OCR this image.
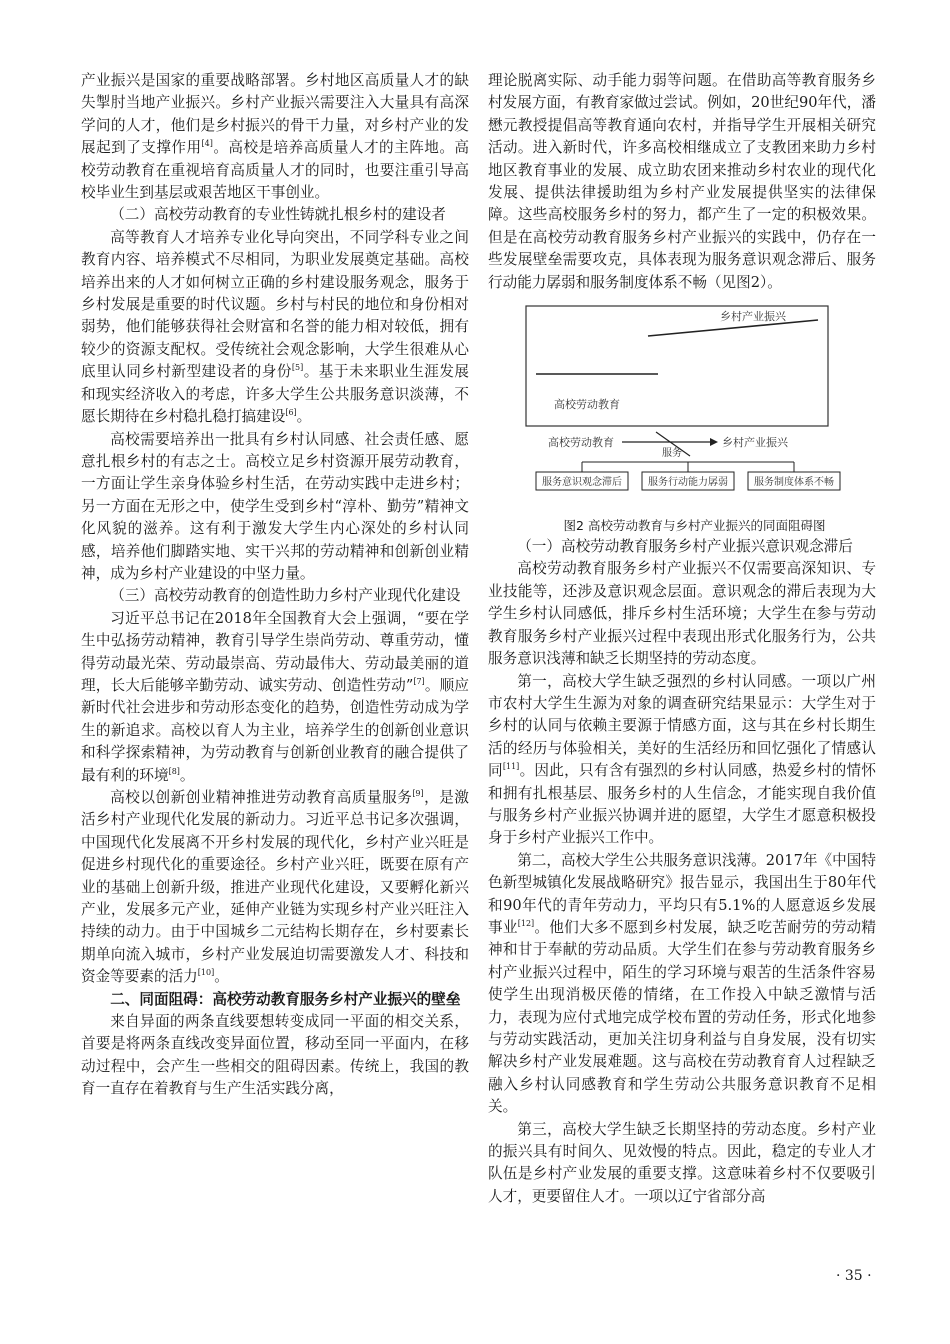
产业振兴是国家的重要战略部署。乡村地区高质量人才的缺失掣肘当地产业振兴。乡村产业振兴需要注入大量具有高深学问的人才，他们是乡村振兴的骨干力量，对乡村产业的发展起到了支撑作用[4]。高校是培养高质量人才的主阵地。高校劳动教育在重视培育高质量人才的同时，也要注重引导高校毕业生到基层或艰苦地区干事创业。

（二）高校劳动教育的专业性铸就扎根乡村的建设者

高等教育人才培养专业化导向突出，不同学科专业之间教育内容、培养模式不尽相同，为职业发展奠定基础。高校培养出来的人才如何树立正确的乡村建设服务观念，服务于乡村发展是重要的时代议题。乡村与村民的地位和身份相对弱势，他们能够获得社会财富和名誉的能力相对较低，拥有较少的资源支配权。受传统社会观念影响，大学生很难从心底里认同乡村新型建设者的身份[5]。基于未来职业生涯发展和现实经济收入的考虑，许多大学生公共服务意识淡薄，不愿长期待在乡村稳扎稳打搞建设[6]。

高校需要培养出一批具有乡村认同感、社会责任感、愿意扎根乡村的有志之士。高校立足乡村资源开展劳动教育，一方面让学生亲身体验乡村生活，在劳动实践中走进乡村；另一方面在无形之中，使学生受到乡村“淳朴、勤劳”精神文化风貌的滋养。这有利于激发大学生内心深处的乡村认同感，培养他们脚踏实地、实干兴邦的劳动精神和创新创业精神，成为乡村产业建设的中坚力量。

（三）高校劳动教育的创造性助力乡村产业现代化建设

习近平总书记在2018年全国教育大会上强调，“要在学生中弘扬劳动精神，教育引导学生崇尚劳动、尊重劳动，懂得劳动最光荣、劳动最崇高、劳动最伟大、劳动最美丽的道理，长大后能够辛勤劳动、诚实劳动、创造性劳动”[7]。顺应新时代社会进步和劳动形态变化的趋势，创造性劳动成为学生的新追求。高校以育人为主业，培养学生的创新创业意识和科学探索精神，为劳动教育与创新创业教育的融合提供了最有利的环境[8]。

高校以创新创业精神推进劳动教育高质量服务[9]，是激活乡村产业现代化发展的新动力。习近平总书记多次强调，中国现代化发展离不开乡村发展的现代化，乡村产业兴旺是促进乡村现代化的重要途径。乡村产业兴旺，既要在原有产业的基础上创新升级，推进产业现代化建设，又要孵化新兴产业，发展多元产业，延伸产业链为实现乡村产业兴旺注入持续的动力。由于中国城乡二元结构长期存在，乡村要素长期单向流入城市，乡村产业发展迫切需要激发人才、科技和资金等要素的活力[10]。

二、同面阻碍：高校劳动教育服务乡村产业振兴的壁垒

来自异面的两条直线要想转变成同一平面的相交关系，首要是将两条直线改变异面位置，移动至同一平面内，在移动过程中，会产生一些相交的阻碍因素。传统上，我国的教育一直存在着教育与生产生活实践分离，

理论脱离实际、动手能力弱等问题。在借助高等教育服务乡村发展方面，有教育家做过尝试。例如，20世纪90年代，潘懋元教授提倡高等教育通向农村，并指导学生开展相关研究活动。进入新时代，许多高校相继成立了支教团来助力乡村地区教育事业的发展、成立助农团来推动乡村农业的现代化发展、提供法律援助组为乡村产业发展提供坚实的法律保障。这些高校服务乡村的努力，都产生了一定的积极效果。但是在高校劳动教育服务乡村产业振兴的实践中，仍存在一些发展壁垒需要攻克，具体表现为服务意识观念滞后、服务行动能力孱弱和服务制度体系不畅（见图2）。

乡村产业振兴
高校劳动教育
高校劳动教育
服务
乡村产业振兴
服务意识观念滞后	服务行动能力孱弱	服务制度体系不畅

图2 高校劳动教育与乡村产业振兴的同面阻碍图

（一）高校劳动教育服务乡村产业振兴意识观念滞后

高校劳动教育服务乡村产业振兴不仅需要高深知识、专业技能等，还涉及意识观念层面。意识观念的滞后表现为大学生乡村认同感低，排斥乡村生活环境；大学生在参与劳动教育服务乡村产业振兴过程中表现出形式化服务行为，公共服务意识浅薄和缺乏长期坚持的劳动态度。

第一，高校大学生缺乏强烈的乡村认同感。一项以广州市农村大学生生源为对象的调查研究结果显示：大学生对于乡村的认同与依赖主要源于情感方面，这与其在乡村长期生活的经历与体验相关，美好的生活经历和回忆强化了情感认同[11]。因此，只有含有强烈的乡村认同感，热爱乡村的情怀和拥有扎根基层、服务乡村的人生信念，才能实现自我价值与服务乡村产业振兴协调并进的愿望，大学生才愿意积极投身于乡村产业振兴工作中。

第二，高校大学生公共服务意识浅薄。2017年《中国特色新型城镇化发展战略研究》报告显示，我国出生于80年代和90年代的青年劳动力，平均只有5.1%的人愿意返乡发展事业[12]。他们大多不愿到乡村发展，缺乏吃苦耐劳的劳动精神和甘于奉献的劳动品质。大学生们在参与劳动教育服务乡村产业振兴过程中，陌生的学习环境与艰苦的生活条件容易使学生出现消极厌倦的情绪，在工作投入中缺乏激情与活力，表现为应付式地完成学校布置的劳动任务，形式化地参与劳动实践活动，更加关注切身利益与自身发展，没有切实解决乡村产业发展难题。这与高校在劳动教育育人过程缺乏融入乡村认同感教育和学生劳动公共服务意识教育不足相关。

第三，高校大学生缺乏长期坚持的劳动态度。乡村产业的振兴具有时间久、见效慢的特点。因此，稳定的专业人才队伍是乡村产业发展的重要支撑。这意味着乡村不仅要吸引人才，更要留住人才。一项以辽宁省部分高

· 35 ·
